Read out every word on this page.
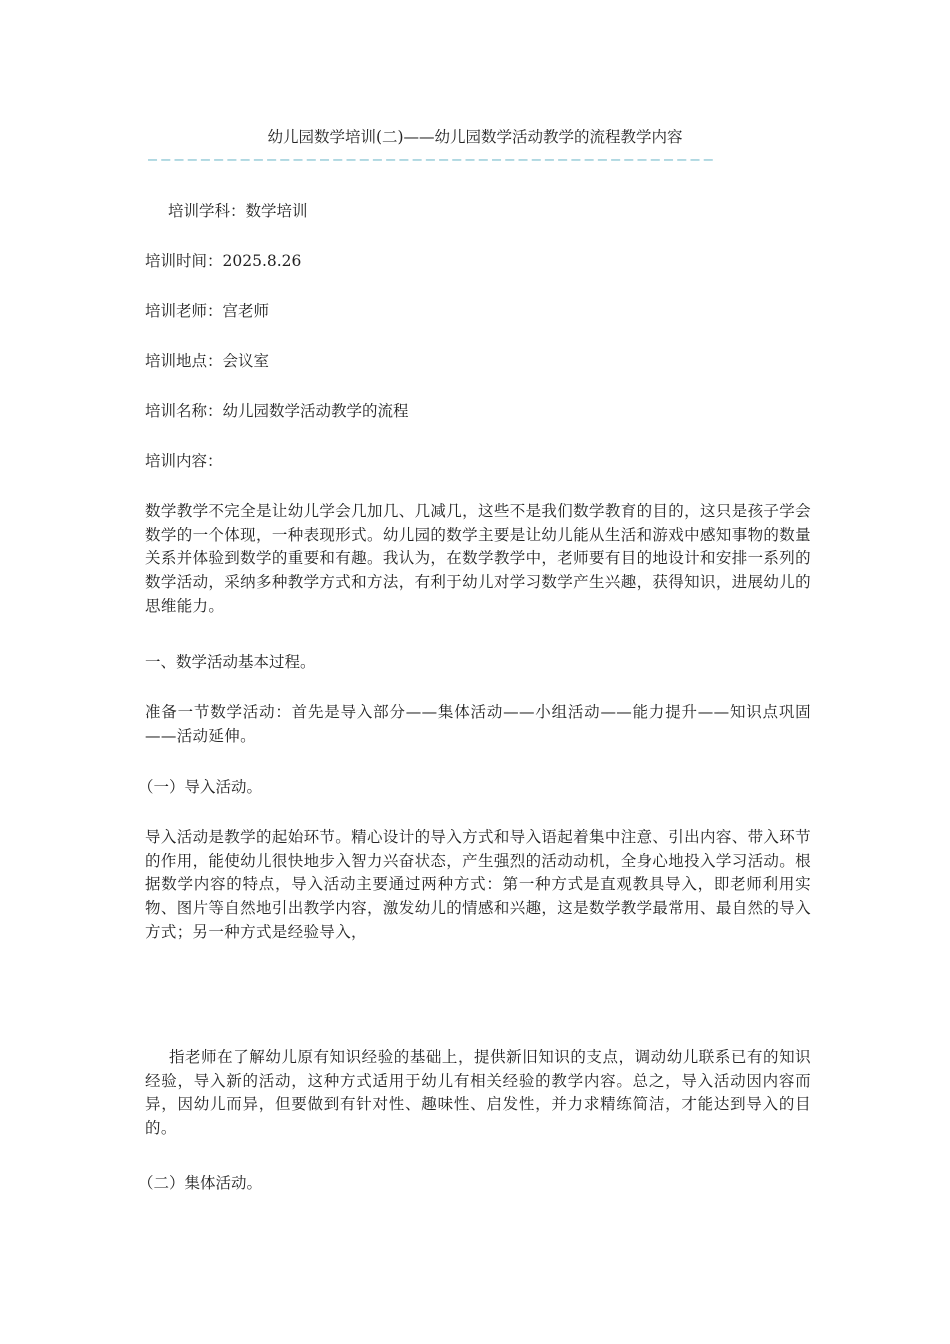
幼儿园数学培训(二)——幼儿园数学活动教学的流程教学内容
———————————————————————————————————————————
培训学科：数学培训
培训时间：2025.8.26
培训老师：宫老师
培训地点：会议室
培训名称：幼儿园数学活动教学的流程
培训内容：
数学教学不完全是让幼儿学会几加几、几减几，这些不是我们数学教育的目的，这只是孩子学会数学的一个体现，一种表现形式。幼儿园的数学主要是让幼儿能从生活和游戏中感知事物的数量关系并体验到数学的重要和有趣。我认为，在数学教学中，老师要有目的地设计和安排一系列的数学活动，采纳多种教学方式和方法，有利于幼儿对学习数学产生兴趣，获得知识，进展幼儿的思维能力。
一、数学活动基本过程。
准备一节数学活动：首先是导入部分——集体活动——小组活动——能力提升——知识点巩固——活动延伸。
（一）导入活动。
导入活动是教学的起始环节。精心设计的导入方式和导入语起着集中注意、引出内容、带入环节的作用，能使幼儿很快地步入智力兴奋状态，产生强烈的活动动机，全身心地投入学习活动。根据数学内容的特点，导入活动主要通过两种方式：第一种方式是直观教具导入，即老师利用实物、图片等自然地引出教学内容，激发幼儿的情感和兴趣，这是数学教学最常用、最自然的导入方式；另一种方式是经验导入，
指老师在了解幼儿原有知识经验的基础上，提供新旧知识的支点，调动幼儿联系已有的知识经验，导入新的活动，这种方式适用于幼儿有相关经验的教学内容。总之，导入活动因内容而异，因幼儿而异，但要做到有针对性、趣味性、启发性，并力求精练简洁，才能达到导入的目的。
（二）集体活动。
